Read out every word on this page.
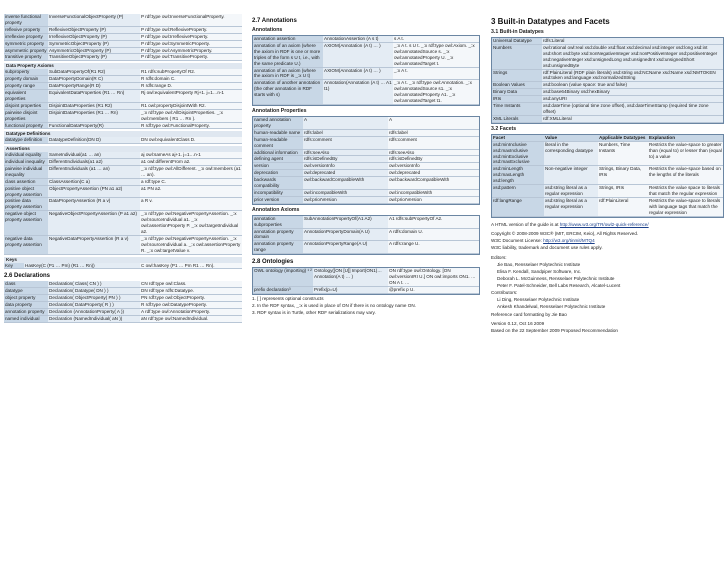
inverse functional property	InverseFunctionalObjectProperty (P)	P rdf:type owl:InverseFunctionalProperty.
reflexive property	ReflexiveObjectProperty (P)	P rdf:type owl:ReflexiveProperty.
irreflexive property	IrreflexiveObjectProperty (P)	P rdf:type owl:IrreflexiveProperty.
symmetric property	SymmetricObjectProperty (P)	P rdf:type owl:SymmetricProperty.
asymmetric property	AsymmetricObjectProperty (P)	P rdf:type owl:AsymmetricProperty.
transitive property	TransitiveObjectProperty (P)	P rdf:type owl:TransitiveProperty.
Data Property Axioms
subproperty	SubDataPropertyOf(R1 R2)	R1 rdfs:subPropertyOf R2.
property domain	DataPropertyDomain(R C)	R rdfs:domain C.
property range	DataPropertyRange(R D)	R rdfs:range D.
equivalent properties	EquivalentDataProperties (R1 … Rn)	Rj owl:equivalentProperty Rj+1. j=1…n-1
disjoint properties	DisjointDataProperties (R1 R2)	R1 owl:propertyDisjointWith R2.
pairwise disjoint properties	DisjointDataProperties (R1 … Rn)	_:x rdf:type owl:AllDisjointProperties. _:x owl:members ( R1 … Rn ).
functional property	FunctionalDataProperty(R)	R rdf:type owl:FunctionalProperty.
Datatype Definitions
datatype definition	DatatypeDefinition(DN D)	DN owl:equivalentClass D.
Assertions
individual equality	SameIndividual(a1 … an)	aj owl:sameAs aj+1. j=1…n-1
individual inequality	DifferentIndividuals(a1 a2)	a1 owl:differentFrom a2.
pairwise individual inequality	DifferentIndividuals (a1 … an)	_:x rdf:type owl:AllDifferent. _:x owl:members (a1 … an).
class assertion	ClassAssertion(C a)	a rdf:type C.
positive object property assertion	ObjectPropertyAssertion (PN a1 a2)	a1 PN a2.
positive data property assertion	DataPropertyAssertion (R a v)	a R v.
negative object property assertion	NegativeObjectPropertyAssertion (P a1 a2)	_:x rdf:type owl:NegativePropertyAssertion. _:x owl:sourceIndividual a1. _:x owl:assertionProperty P. _:x owl:targetIndividual a2.
negative data property assertion	NegativeDataPropertyAssertion (R a v)	_:x rdf:type owl:NegativePropertyAssertion. _:x owl:sourceIndividual a. _:x owl:assertionProperty R. _:x owl:targetValue v.
Keys
Key	HasKey(C (P1 … Pm) (R1 … Rn))	C owl:hasKey (P1 … Pm R1 … Rn).
2.6 Declarations
class	Declaration( Class( CN ) )	CN rdf:type owl:Class.
datatype	Declaration( Datatype( DN ) )	DN rdf:type rdfs:Datatype.
object property	Declaration( ObjectProperty( PN ) )	PN rdf:type owl:ObjectProperty.
data property	Declaration( DataProperty( R ) )	R rdf:type owl:DatatypeProperty.
annotation property	Declaration (AnnotationProperty( A ))	A rdf:type owl:AnnotationProperty.
named individual	Declaration (NamedIndividual( aN ))	aN rdf:type owl:NamedIndividual.
2.7 Annotations
Annotations
annotation assertion	AnnotationAssertion (A s t)	s A t.
annotation of an axiom (where the axiom in RDF is one or more triples of the form s U t, i.e., with the same predicate U.)	AXIOM(Annotation (A t) … )	_:x A t. s U t. _:x rdf:type owl:Axiom. _:x owl:annotatedSource s. _:x owl:annotatedProperty U. _:x owl:annotatedTarget t.
annotation of an axiom (where the axiom in RDF is _:x U t)	AXIOM(Annotation (A t) … )	_:x A t.
annotation of another annotation (the other annotation in RDF starts with s)	Annotation(Annotation (A t) … A1 t1)	_:x A t. _:x rdf:type owl:Annotation. _:x owl:annotatedSource s1. _:x owl:annotatedProperty A1. _:x owl:annotatedTarget t1.
Annotation Properties
named annotation property	A	A
human-readable name	rdfs:label	rdfs:label
human-readable comment	rdfs:comment	rdfs:comment
additional information	rdfs:seeAlso	rdfs:seeAlso
defining agent	rdfs:isDefinedBy	rdfs:isDefinedBy
version	owl:versionInfo	owl:versionInfo
deprecation	owl:deprecated	owl:deprecated
backwards compatibility	owl:backwardCompatibleWith	owl:backwardCompatibleWith
incompatibility	owl:incompatibleWith	owl:incompatibleWith
prior version	owl:priorVersion	owl:priorVersion
Annotation Axioms
annotation subproperties	SubAnnotationPropertyOf(A1 A2)	A1 rdfs:subPropertyOf A2.
annotation property domain	AnnotationPropertyDomain(A U)	A rdfs:domain U.
annotation property range	AnnotationPropertyRange(A U)	A rdfs:range U.
2.8 Ontologies
OWL ontology (importing) ¹ ²	Ontology([ON [U]] Import(ON1)… Annotation(A t) … )	ON rdf:type owl:Ontology. [ON owl:versionIRI U.] ON owl:imports ON1. … ON A t. …
prefix declaration³	Prefix(p=U)	@prefix p U.
1. [ ] represents optional constructs
2. In the RDF syntax, _:x is used in place of ON if there is no ontology name ON.
3. RDF syntax is in Turtle, other RDF serializations may vary.
3 Built-in Datatypes and Facets
3.1 Built-in Datatypes
Universal Datatype	rdfs:Literal
Numbers	owl:rational owl:real xsd:double xsd:float xsd:decimal xsd:integer xsd:long xsd:int xsd:short xsd:byte xsd:nonNegativeInteger xsd:nonPositiveInteger xsd:positiveInteger xsd:negativeInteger xsd:unsignedLong xsd:unsignedInt xsd:unsignedShort xsd:unsignedByte
Strings	rdf:PlainLiteral (RDF plain literals) xsd:string xsd:NCName xsd:Name xsd:NMTOKEN xsd:token xsd:language xsd:normalizedString
Boolean Values	xsd:boolean (value space: true and false)
Binary Data	xsd:base64Binary xsd:hexBinary
IRIs	xsd:anyURI
Time Instants	xsd:dateTime (optional time zone offset), xsd:dateTimeStamp (required time zone offset)
XML Literals	rdf:XMLLiteral
3.2 Facets
Facet	Value	Applicable Datatypes	Explanation
xsd:minInclusive xsd:maxInclusive xsd:minExclusive xsd:maxExclusive	literal in the corresponding datatype	Numbers, Time Instants	Restricts the value-space to greater than (equal to) or lesser than (equal to) a value
xsd:minLength xsd:maxLength xsd:length	Non-negative integer	Strings, Binary Data, IRIs	Restricts the value-space based on the lengths of the literals
xsd:pattern	xsd:string literal as a regular expression	Strings, IRIs	Restricts the value space to literals that match the regular expression
rdf:langRange	xsd:string literal as a regular expression	rdf:PlainLiteral	Restricts the value-space to literals with language tags that match the regular expression
A HTML version of the guide is at http://www.w3.org/TR/owl2-quick-reference/
Copyright © 2008-2009 W3C® (MIT, ERCIM, Keio), All Rights Reserved.
W3C Document License: http://w3.org/tinmit/MTQ4
W3C liability, trademark and document use rules apply.
Editors:
Jie Bao, Rensselaer Polytechnic Institute
Elisa F. Kendall, Sandpiper Software, Inc.
Deborah L. McGuinness, Rensselaer Polytechnic Institute
Peter F. Patel-Schneider, Bell Labs Research, Alcatel-Lucent
Contributors:
Li Ding, Rensselaer Polytechnic Institute
Ankesh Khandelwal, Rensselaer Polytechnic Institute
Reference card formatting by Jie Bao
Version 0.12, Oct 16 2009
Based on the 22 September 2009 Proposed Recommendation
